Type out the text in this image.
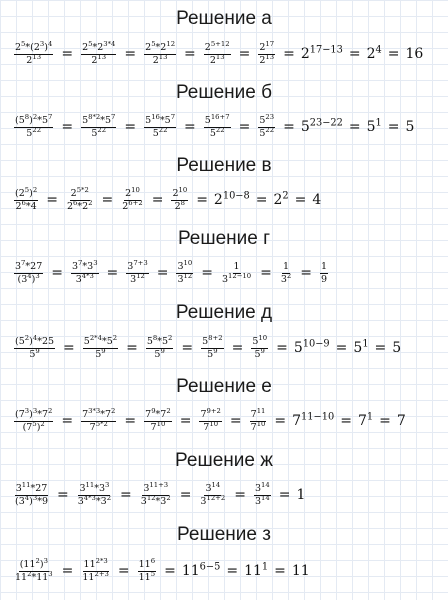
Решение а
$\frac{2^5*(2^3)^4}{2^{13}} = \frac{2^5*2^{3*4}}{2^{13}} = \frac{2^5*2^{12}}{2^{13}} = \frac{2^{5+12}}{2^{13}} = \frac{2^{17}}{2^{13}} = 2^{17-13} = 2^4 = 16$
Решение б
$\frac{(5^8)^2*5^7}{5^{22}} = \frac{5^{8*2}*5^7}{5^{22}} = \frac{5^{16}*5^7}{5^{22}} = \frac{5^{16+7}}{5^{22}} = \frac{5^{23}}{5^{22}} = 5^{23-22} = 5^1 = 5$
Решение в
$\frac{(2^5)^2}{2^6*4} = \frac{2^{5*2}}{2^6*2^2} = \frac{2^{10}}{2^{6+2}} = \frac{2^{10}}{2^8} = 2^{10-8} = 2^2 = 4$
Решение г
$\frac{3^7*27}{(3^4)^3} = \frac{3^7*3^3}{3^{4*3}} = \frac{3^{7+3}}{3^{12}} = \frac{3^{10}}{3^{12}} = \frac{1}{3^{12-10}} = \frac{1}{3^2} = \frac{1}{9}$
Решение д
$\frac{(5^2)^4*25}{5^9} = \frac{5^{2*4}*5^2}{5^9} = \frac{5^8*5^2}{5^9} = \frac{5^{8+2}}{5^9} = \frac{5^{10}}{5^9} = 5^{10-9} = 5^1 = 5$
Решение е
$\frac{(7^3)^3*7^2}{(7^5)^2} = \frac{7^{3*3}*7^2}{7^{5*2}} = \frac{7^9*7^2}{7^{10}} = \frac{7^{9+2}}{7^{10}} = \frac{7^{11}}{7^{10}} = 7^{11-10} = 7^1 = 7$
Решение ж
$\frac{3^{11}*27}{(3^4)^3*9} = \frac{3^{11}*3^3}{3^{4*3}*3^2} = \frac{3^{11+3}}{3^{12}*3^2} = \frac{3^{14}}{3^{12+2}} = \frac{3^{14}}{3^{14}} = 1$
Решение з
$\frac{(11^2)^3}{11^2*11^3} = \frac{11^{2*3}}{11^{2+3}} = \frac{11^6}{11^5} = 11^{6-5} = 11^1 = 11$
